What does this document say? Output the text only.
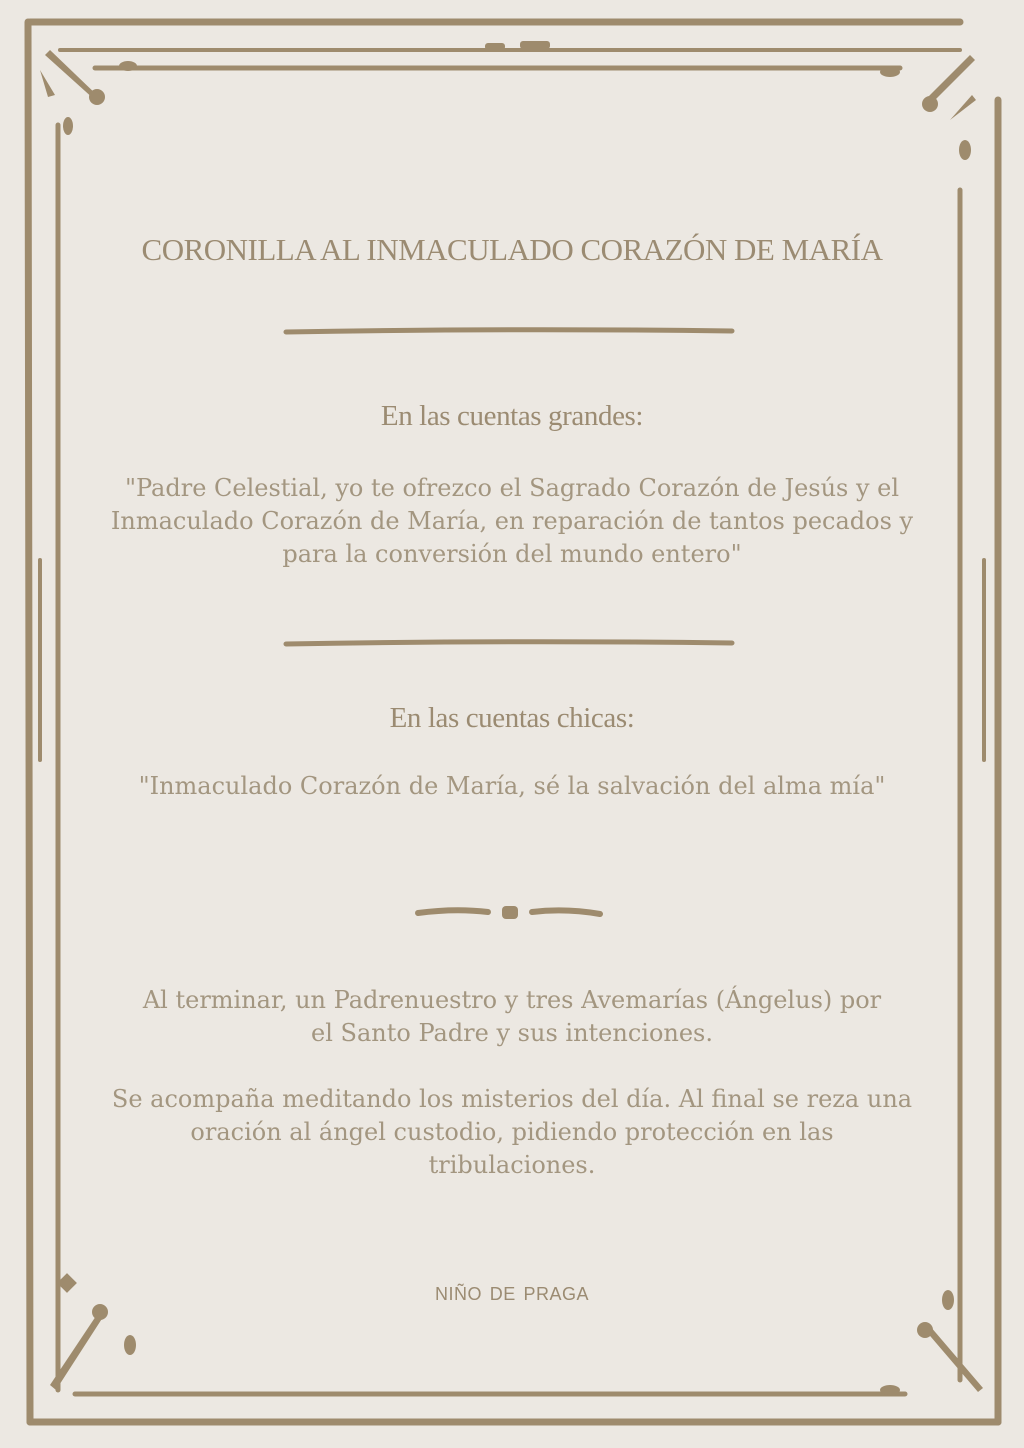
CORONILLA AL INMACULADO CORAZÓN DE MARÍA
En las cuentas grandes:
"Padre Celestial, yo te ofrezco el Sagrado Corazón de Jesús y el Inmaculado Corazón de María, en reparación de tantos pecados y para la conversión del mundo entero"
En las cuentas chicas:
"Inmaculado Corazón de María, sé la salvación del alma mía"
Al terminar, un Padrenuestro y tres Avemarías (Ángelus) por el Santo Padre y sus intenciones.
Se acompaña meditando los misterios del día. Al final se reza una oración al ángel custodio, pidiendo protección en las tribulaciones.
niño de praga
